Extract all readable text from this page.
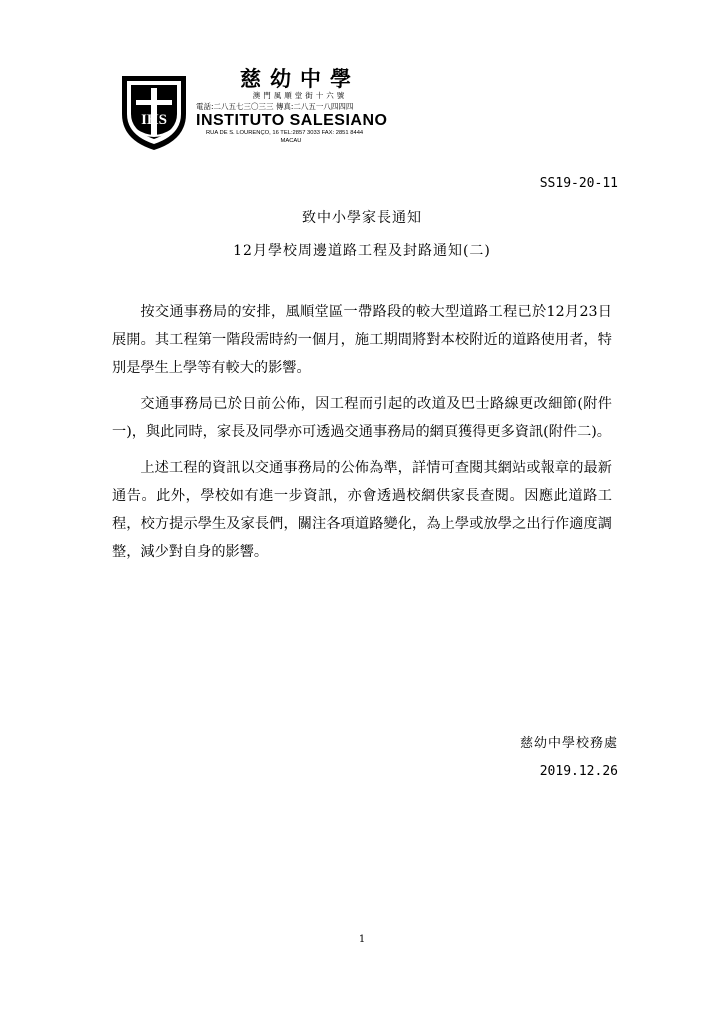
IHS
慈幼中學
澳門風順堂街十六號
電話:二八五七三〇三三 傳真:二八五一八四四四
INSTITUTO SALESIANO
RUA DE S. LOURENÇO, 16 TEL:2857 3033 FAX: 2851 8444
MACAU
SS19-20-11
致中小學家長通知
12月學校周邊道路工程及封路通知(二)

按交通事務局的安排，風順堂區一帶路段的較大型道路工程已於12月23日展開。其工程第一階段需時約一個月，施工期間將對本校附近的道路使用者，特別是學生上學等有較大的影響。

交通事務局已於日前公佈，因工程而引起的改道及巴士路線更改細節(附件一)，與此同時，家長及同學亦可透過交通事務局的網頁獲得更多資訊(附件二)。

上述工程的資訊以交通事務局的公佈為準，詳情可查閱其網站或報章的最新通告。此外，學校如有進一步資訊，亦會透過校網供家長查閱。因應此道路工程，校方提示學生及家長們，關注各項道路變化，為上學或放學之出行作適度調整，減少對自身的影響。

慈幼中學校務處
2019.12.26
1
